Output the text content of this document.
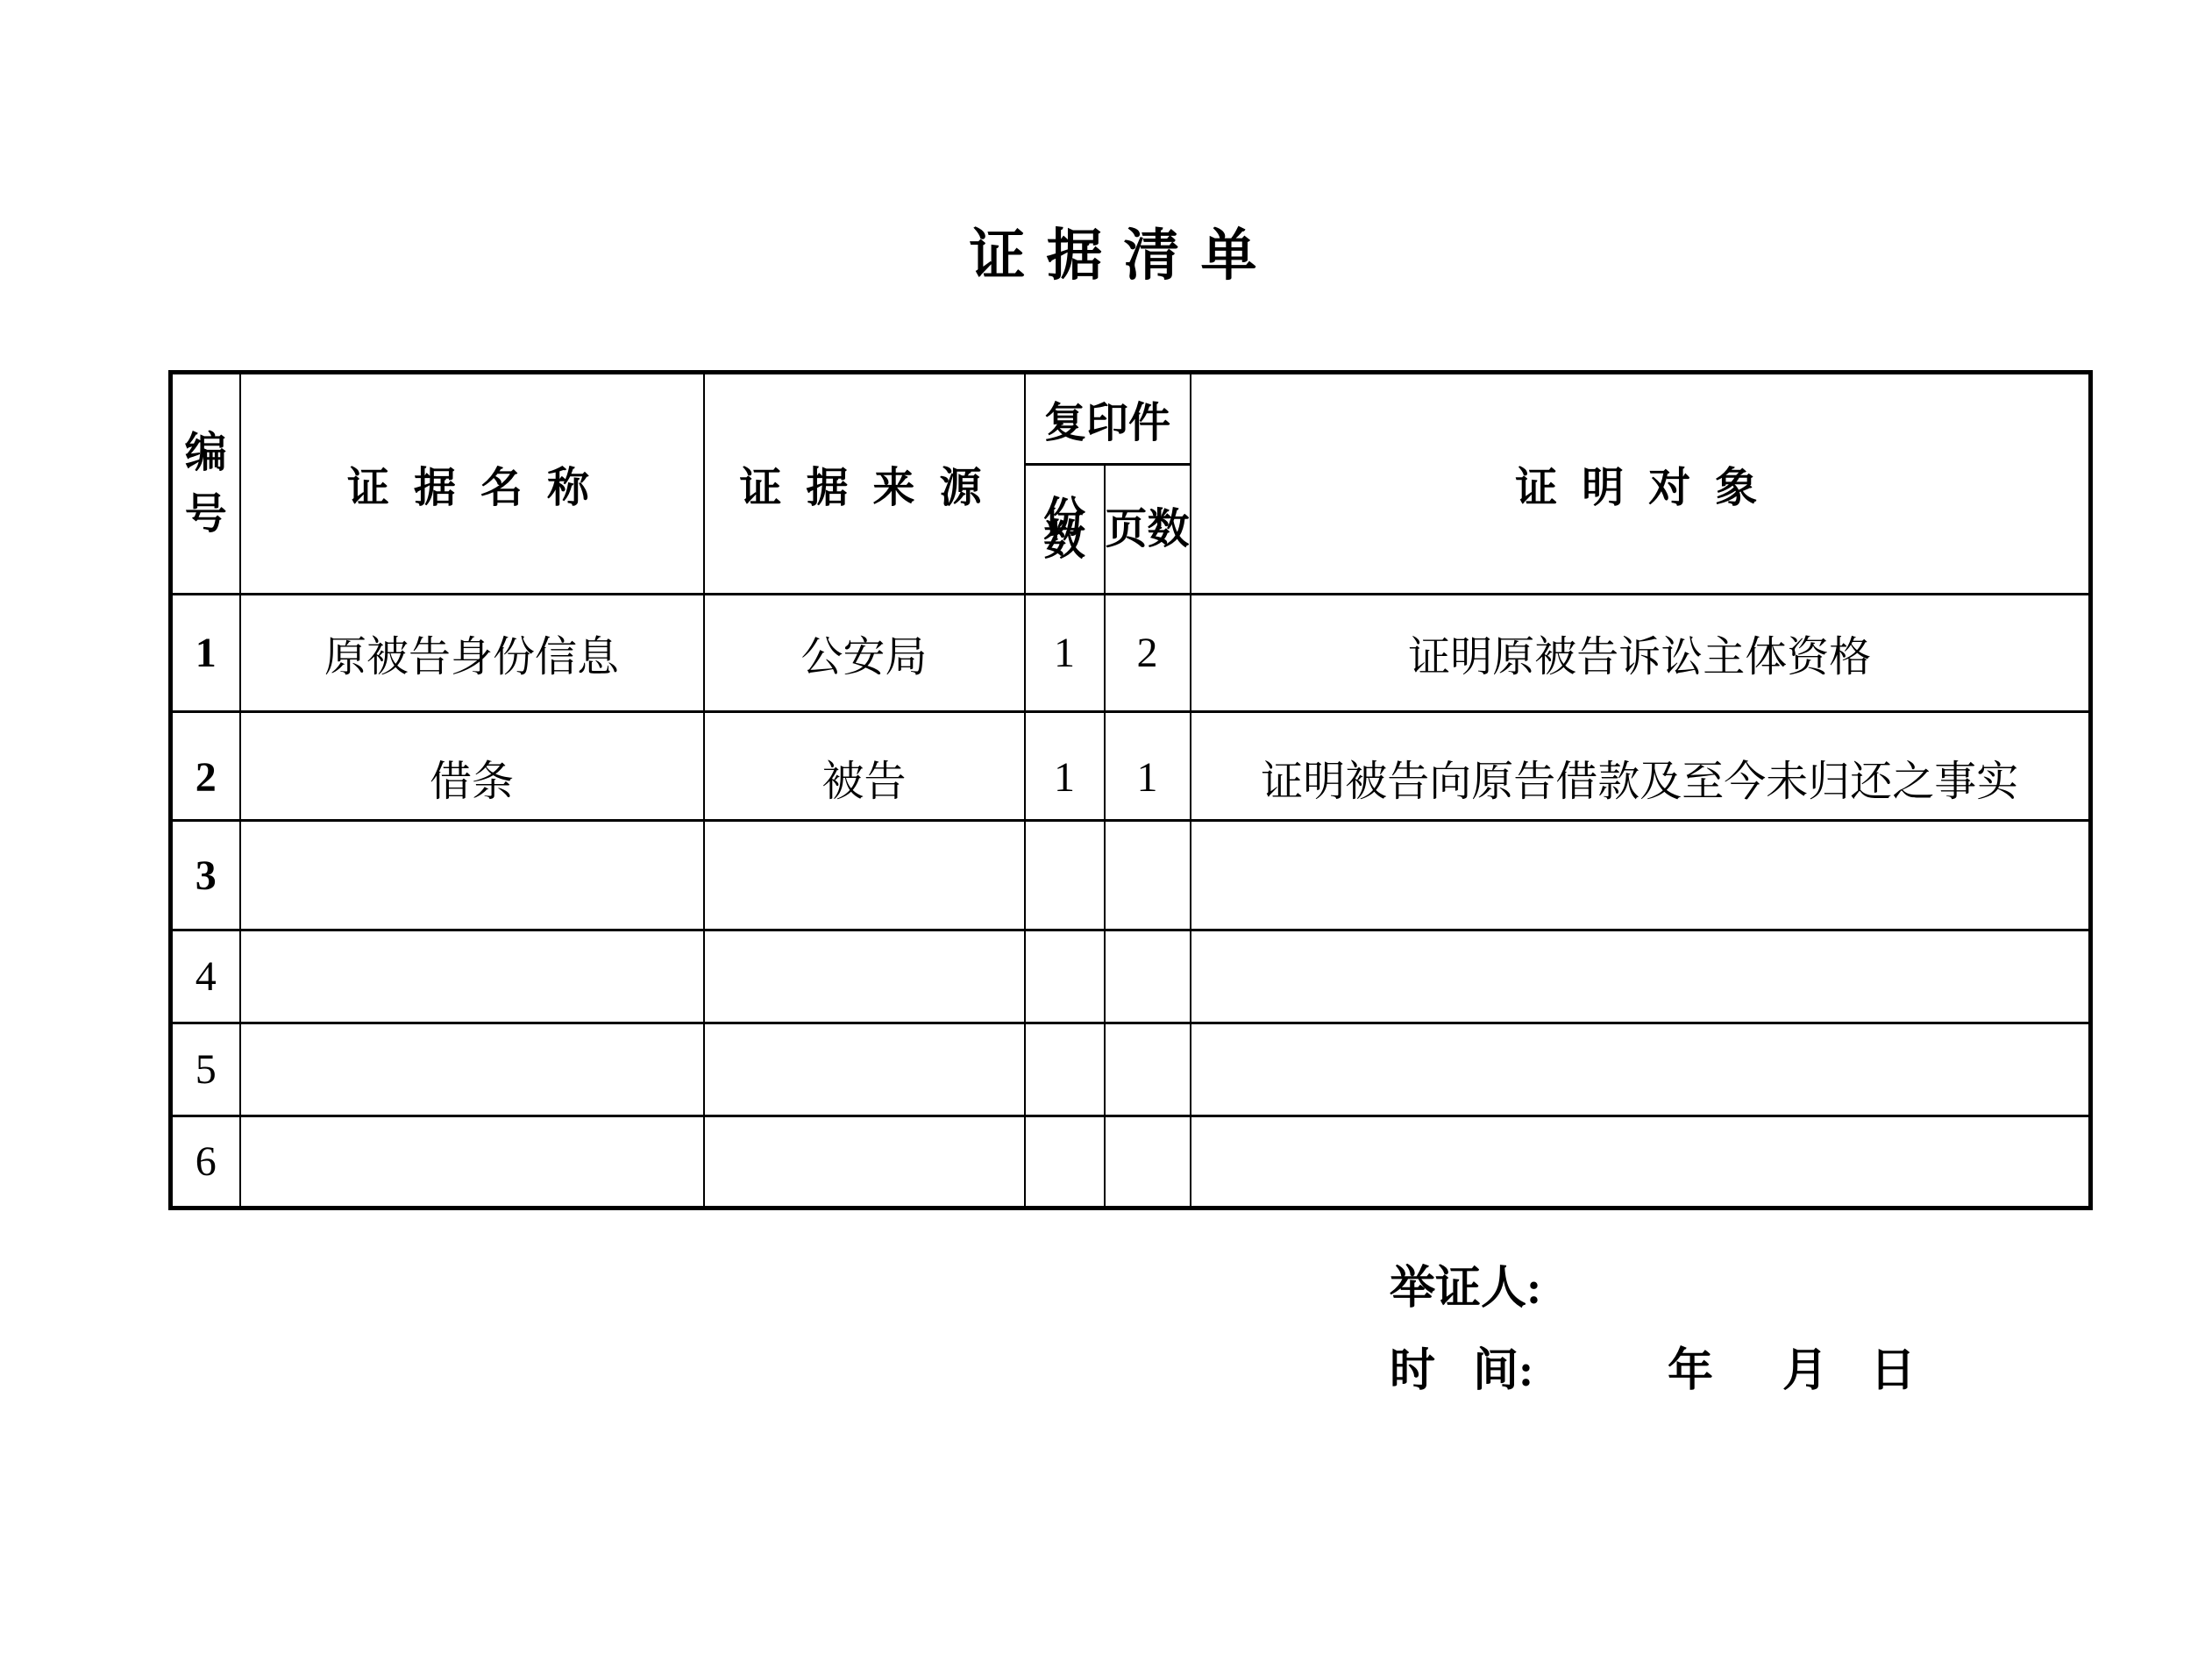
证 据 清 单
编号	证 据 名 称	证 据 来 源	复印件		证 明 对 象
			份数	页数	
1	原被告身份信息	公安局	1	2	证明原被告诉讼主体资格
2	借条	被告	1	1	证明被告向原告借款及至今未归还之事实
3					
4					
5					
6					
举证人:

时

间:

	年

月

日
